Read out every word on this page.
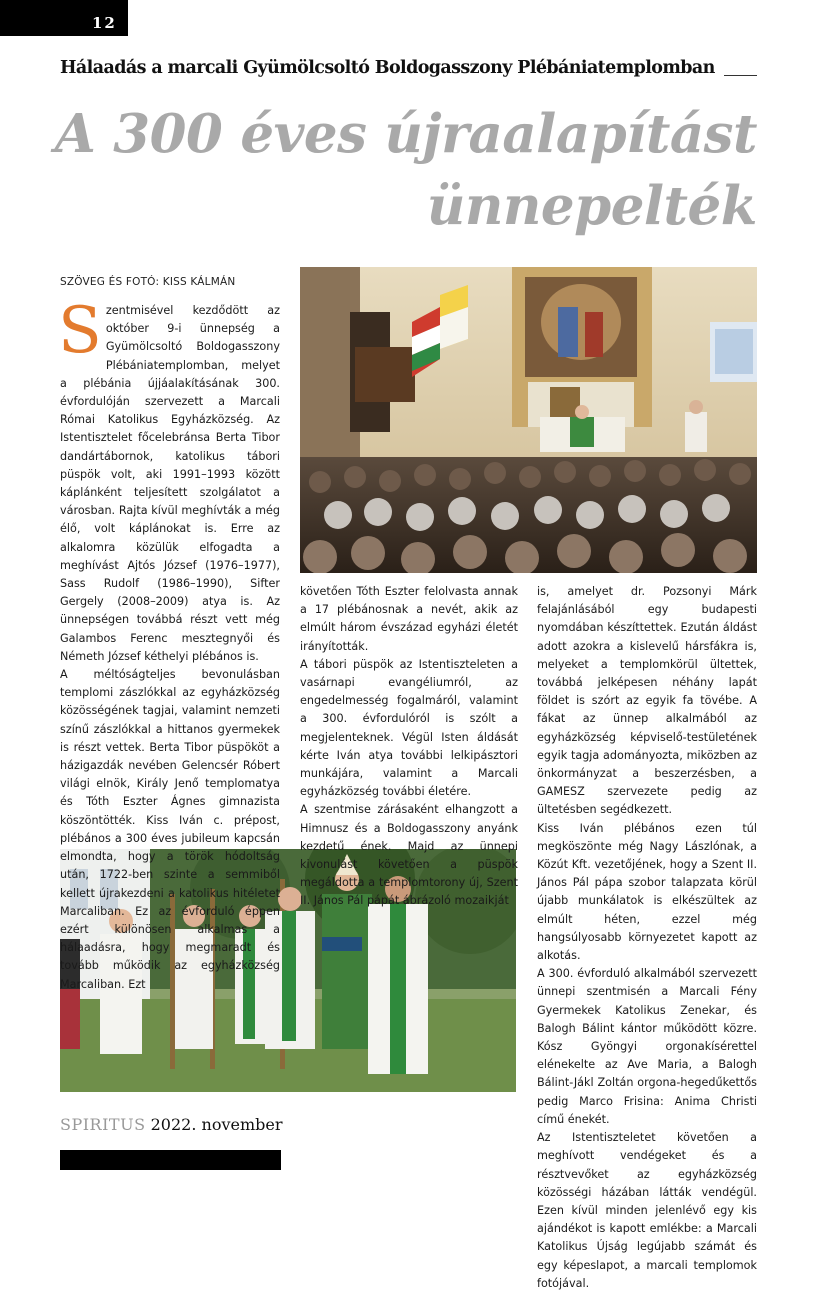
12
Hálaadás a marcali Gyümölcsoltó Boldogasszony Plébániatemplomban
A 300 éves újraalapítást
ünnepelték
SZÖVEG ÉS FOTÓ: KISS KÁLMÁN

Szentmisével kezdődött az október 9-i ünnepség a Gyümölcsoltó Boldogasszony Plébániatemplomban, melyet a plébánia újjáalakításának 300. évfordulóján szervezett a Marcali Római Katolikus Egyházközség. Az Istentisztelet főcelebránsa Berta Tibor dandártábornok, katolikus tábori püspök volt, aki 1991–1993 között káplánként teljesített szolgálatot a városban. Rajta kívül meghívták a még élő, volt káplánokat is. Erre az alkalomra közülük elfogadta a meghívást Ajtós József (1976–1977), Sass Rudolf (1986–1990), Sifter Gergely (2008–2009) atya is. Az ünnepségen továbbá részt vett még Galambos Ferenc mesztegnyői és Németh József kéthelyi plébános is.

A méltóságteljes bevonulásban templomi zászlókkal az egyházközség közösségének tagjai, valamint nemzeti színű zászlókkal a hittanos gyermekek is részt vettek. Berta Tibor püspököt a házigazdák nevében Gelencsér Róbert világi elnök, Király Jenő templomatya és Tóth Eszter Ágnes gimnazista köszöntötték. Kiss Iván c. prépost, plébános a 300 éves jubileum kapcsán elmondta, hogy a török hódoltság után, 1722-ben szinte a semmiből kellett újrakezdeni a katolikus hitéletet Marcaliban. Ez az évforduló éppen ezért különösen alkalmas a hálaadásra, hogy megmaradt és tovább működik az egyházközség Marcaliban. Ezt

követően Tóth Eszter felolvasta annak a 17 plébánosnak a nevét, akik az elmúlt három évszázad egyházi életét irányították.

A tábori püspök az Istentiszteleten a vasárnapi evangéliumról, az engedelmesség fogalmáról, valamint a 300. évfordulóról is szólt a megjelenteknek. Végül Isten áldását kérte Iván atya további lelkipásztori munkájára, valamint a Marcali egyházközség további életére.

A szentmise zárásaként elhangzott a Himnusz és a Boldogasszony anyánk kezdetű ének. Majd az ünnepi kivonulást követően a püspök megáldotta a templomtorony új, Szent II. János Pál pápát ábrázoló mozaikját

is, amelyet dr. Pozsonyi Márk felajánlásából egy budapesti nyomdában készíttettek. Ezután áldást adott azokra a kislevelű hársfákra is, melyeket a templomkörül ültettek, továbbá jelképesen néhány lapát földet is szórt az egyik fa tövébe. A fákat az ünnep alkalmából az egyházközség képviselő-testületének egyik tagja adományozta, miközben az önkormányzat a beszerzésben, a GAMESZ szervezete pedig az ültetésben segédkezett.

Kiss Iván plébános ezen túl megköszönte még Nagy Lászlónak, a Közút Kft. vezetőjének, hogy a Szent II. János Pál pápa szobor talapzata körül újabb munkálatok is elkészültek az elmúlt héten, ezzel még hangsúlyosabb környezetet kapott az alkotás.

A 300. évforduló alkalmából szervezett ünnepi szentmisén a Marcali Fény Gyermekek Katolikus Zenekar, és Balogh Bálint kántor működött közre. Kósz Gyöngyi orgonakísérettel elénekelte az Ave Maria, a Balogh Bálint-Jákl Zoltán orgona-hegedűkettős pedig Marco Frisina: Anima Christi című énekét.

Az Istentiszteletet követően a meghívott vendégeket és a résztvevőket az egyházközség közösségi házában látták vendégül. Ezen kívül minden jelenlévő egy kis ajándékot is kapott emlékbe: a Marcali Katolikus Újság legújabb számát és egy képeslapot, a marcali templomok fotójával.

SPIRITUS 2022. november
